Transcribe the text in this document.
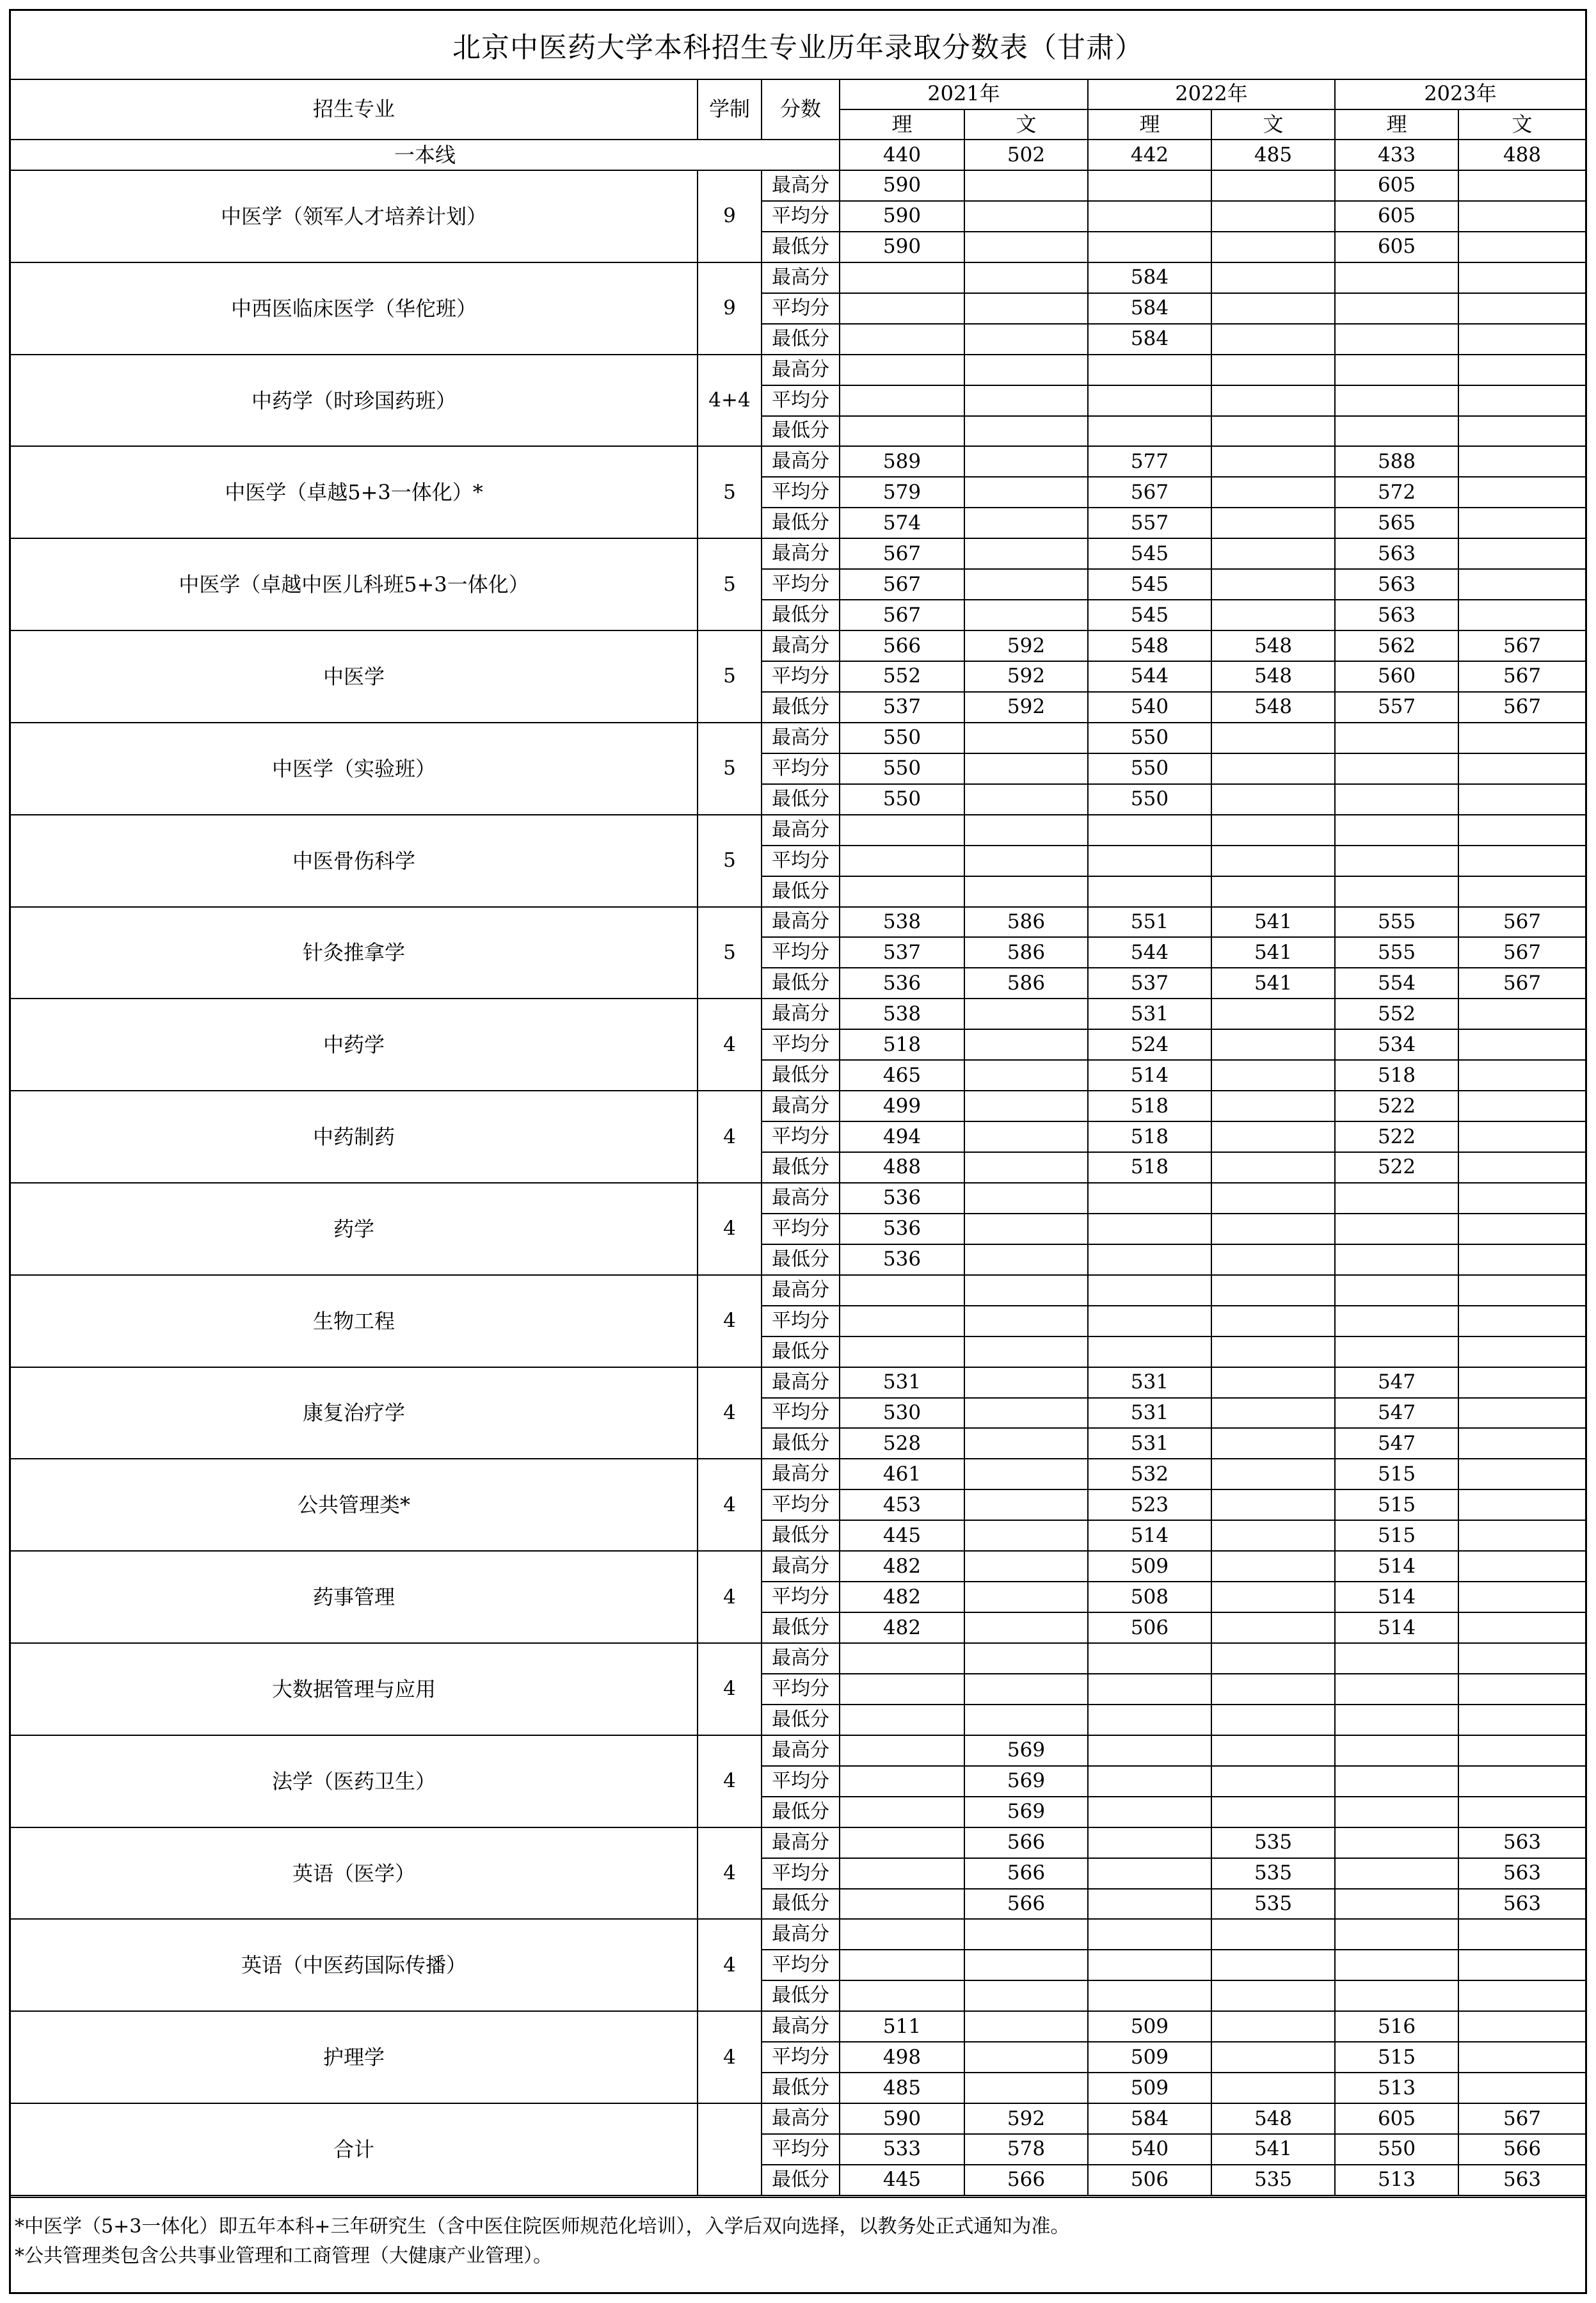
北京中医药大学本科招生专业历年录取分数表（甘肃）
招生专业	学制	分数	2021年		2022年		2023年	
			理	文	理	文	理	文
一本线			440	502	442	485	433	488
中医学（领军人才培养计划）	9	最高分	590				605	
		平均分	590				605	
		最低分	590				605	
中西医临床医学（华佗班）	9	最高分			584			
		平均分			584			
		最低分			584			
中药学（时珍国药班）	4+4	最高分						
		平均分						
		最低分						
中医学（卓越5+3一体化）*	5	最高分	589		577		588	
		平均分	579		567		572	
		最低分	574		557		565	
中医学（卓越中医儿科班5+3一体化）	5	最高分	567		545		563	
		平均分	567		545		563	
		最低分	567		545		563	
中医学	5	最高分	566	592	548	548	562	567
		平均分	552	592	544	548	560	567
		最低分	537	592	540	548	557	567
中医学（实验班）	5	最高分	550		550			
		平均分	550		550			
		最低分	550		550			
中医骨伤科学	5	最高分						
		平均分						
		最低分						
针灸推拿学	5	最高分	538	586	551	541	555	567
		平均分	537	586	544	541	555	567
		最低分	536	586	537	541	554	567
中药学	4	最高分	538		531		552	
		平均分	518		524		534	
		最低分	465		514		518	
中药制药	4	最高分	499		518		522	
		平均分	494		518		522	
		最低分	488		518		522	
药学	4	最高分	536					
		平均分	536					
		最低分	536					
生物工程	4	最高分						
		平均分						
		最低分						
康复治疗学	4	最高分	531		531		547	
		平均分	530		531		547	
		最低分	528		531		547	
公共管理类*	4	最高分	461		532		515	
		平均分	453		523		515	
		最低分	445		514		515	
药事管理	4	最高分	482		509		514	
		平均分	482		508		514	
		最低分	482		506		514	
大数据管理与应用	4	最高分						
		平均分						
		最低分						
法学（医药卫生）	4	最高分		569				
		平均分		569				
		最低分		569				
英语（医学）	4	最高分		566		535		563
		平均分		566		535		563
		最低分		566		535		563
英语（中医药国际传播）	4	最高分						
		平均分						
		最低分						
护理学	4	最高分	511		509		516	
		平均分	498		509		515	
		最低分	485		509		513	
合计		最高分	590	592	584	548	605	567
		平均分	533	578	540	541	550	566
		最低分	445	566	506	535	513	563
*中医学（5+3一体化）即五年本科+三年研究生（含中医住院医师规范化培训），入学后双向选择，以教务处正式通知为准。
*公共管理类包含公共事业管理和工商管理（大健康产业管理）。
